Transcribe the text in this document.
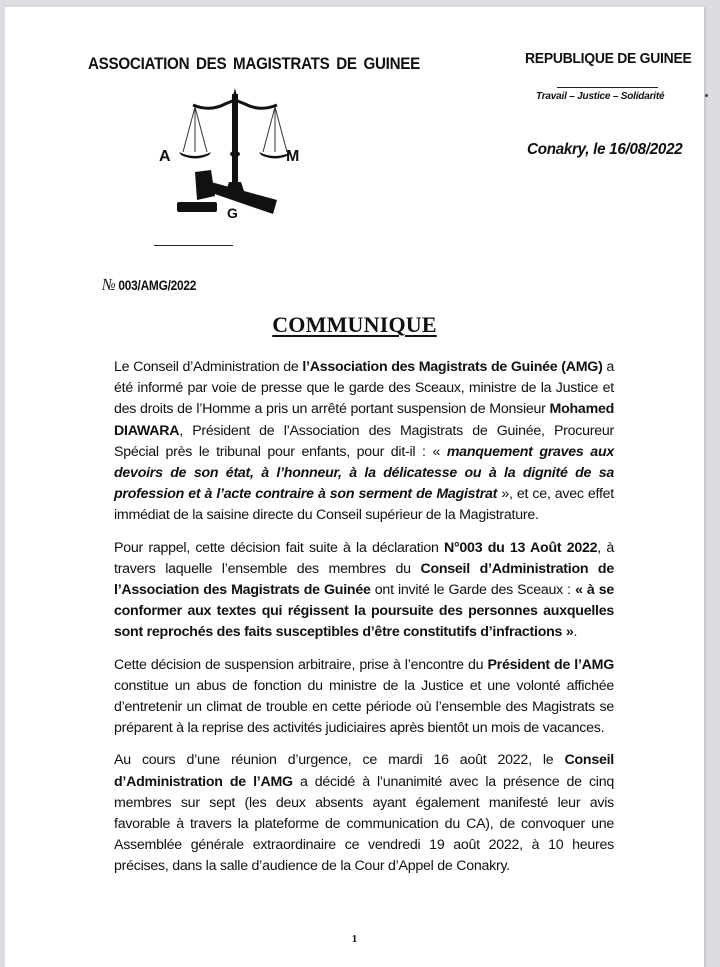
ASSOCIATION DES MAGISTRATS DE GUINEE	REPUBLIQUE DE GUINEE
Travail – Justice – Solidarité
Conakry, le 16/08/2022
A	M
G
№ 003/AMG/2022
COMMUNIQUE

Le Conseil d’Administration de l’Association des Magistrats de Guinée (AMG) a été informé par voie de presse que le garde des Sceaux, ministre de la Justice et des droits de l’Homme a pris un arrêté portant suspension de Monsieur Mohamed DIAWARA, Président de l’Association des Magistrats de Guinée, Procureur Spécial près le tribunal pour enfants, pour dit-il : « manquement graves aux devoirs de son état, à l’honneur, à la délicatesse ou à la dignité de sa profession et à l’acte contraire à son serment de Magistrat », et ce, avec effet immédiat de la saisine directe du Conseil supérieur de la Magistrature.

Pour rappel, cette décision fait suite à la déclaration N°003 du 13 Août 2022, à travers laquelle l’ensemble des membres du Conseil d’Administration de l’Association des Magistrats de Guinée ont invité le Garde des Sceaux : « à se conformer aux textes qui régissent la poursuite des personnes auxquelles sont reprochés des faits susceptibles d’être constitutifs d’infractions ».

Cette décision de suspension arbitraire, prise à l’encontre du Président de l’AMG constitue un abus de fonction du ministre de la Justice et une volonté affichée d’entretenir un climat de trouble en cette période où l’ensemble des Magistrats se préparent à la reprise des activités judiciaires après bientôt un mois de vacances.

Au cours d’une réunion d’urgence, ce mardi 16 août 2022, le Conseil d’Administration de l’AMG a décidé à l’unanimité avec la présence de cinq membres sur sept (les deux absents ayant également manifesté leur avis favorable à travers la plateforme de communication du CA), de convoquer une Assemblée générale extraordinaire ce vendredi 19 août 2022, à 10 heures précises, dans la salle d’audience de la Cour d’Appel de Conakry.

1
